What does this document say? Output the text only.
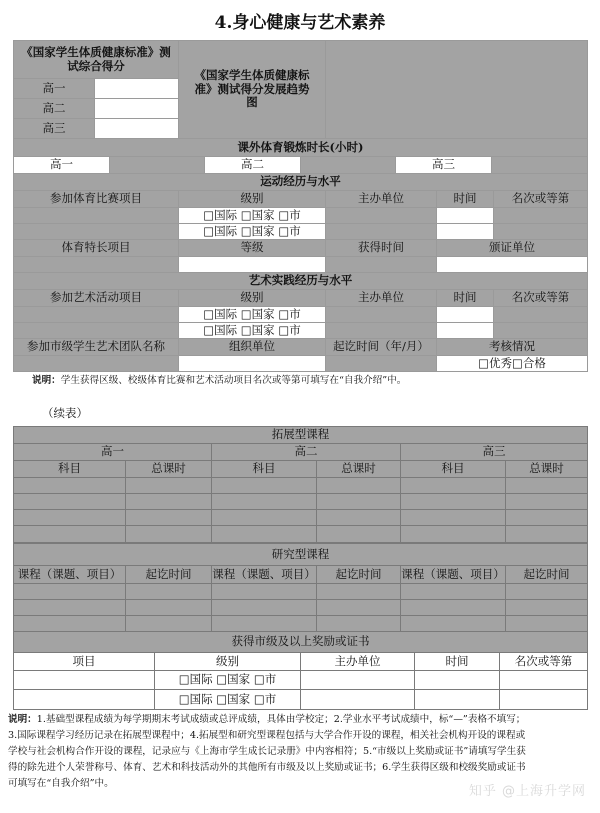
4.身心健康与艺术素养
《国家学生体质健康标准》测试综合得分
高一
高二
高三
《国家学生体质健康标准》测试得分发展趋势图
课外体育锻炼时长(小时)
高一	高二	高三
运动经历与水平
参加体育比赛项目	级别	主办单位	时间	名次或等第
□国际 □国家 □市
□国际 □国家 □市
体育特长项目	等级	获得时间	颁证单位
艺术实践经历与水平
参加艺术活动项目	级别	主办单位	时间	名次或等第
□国际 □国家 □市
□国际 □国家 □市
参加市级学生艺术团队名称	组织单位	起讫时间（年/月）	考核情况
□优秀□合格
说明：学生获得区级、校级体育比赛和艺术活动项目名次或等第可填写在“自我介绍”中。
（续表）
拓展型课程
高一	高二	高三
科目	总课时	科目	总课时	科目	总课时
研究型课程
课程（课题、项目）	起讫时间	课程（课题、项目）	起讫时间	课程（课题、项目）	起讫时间
获得市级及以上奖励或证书
项目	级别	主办单位	时间	名次或等第
□国际 □国家 □市
□国际 □国家 □市
说明：1.基础型课程成绩为每学期期末考试成绩或总评成绩，具体由学校定；2.学业水平考试成绩中，标“—”表格不填写；
3.国际课程学习经历记录在拓展型课程中；4.拓展型和研究型课程包括与大学合作开设的课程，相关社会机构开设的课程或
学校与社会机构合作开设的课程，记录应与《上海市学生成长记录册》中内容相符；5.“市级以上奖励或证书”请填写学生获
得的除先进个人荣誉称号、体育、艺术和科技活动外的其他所有市级及以上奖励或证书；6.学生获得区级和校级奖励或证书
可填写在“自我介绍”中。
知乎 @上海升学网
